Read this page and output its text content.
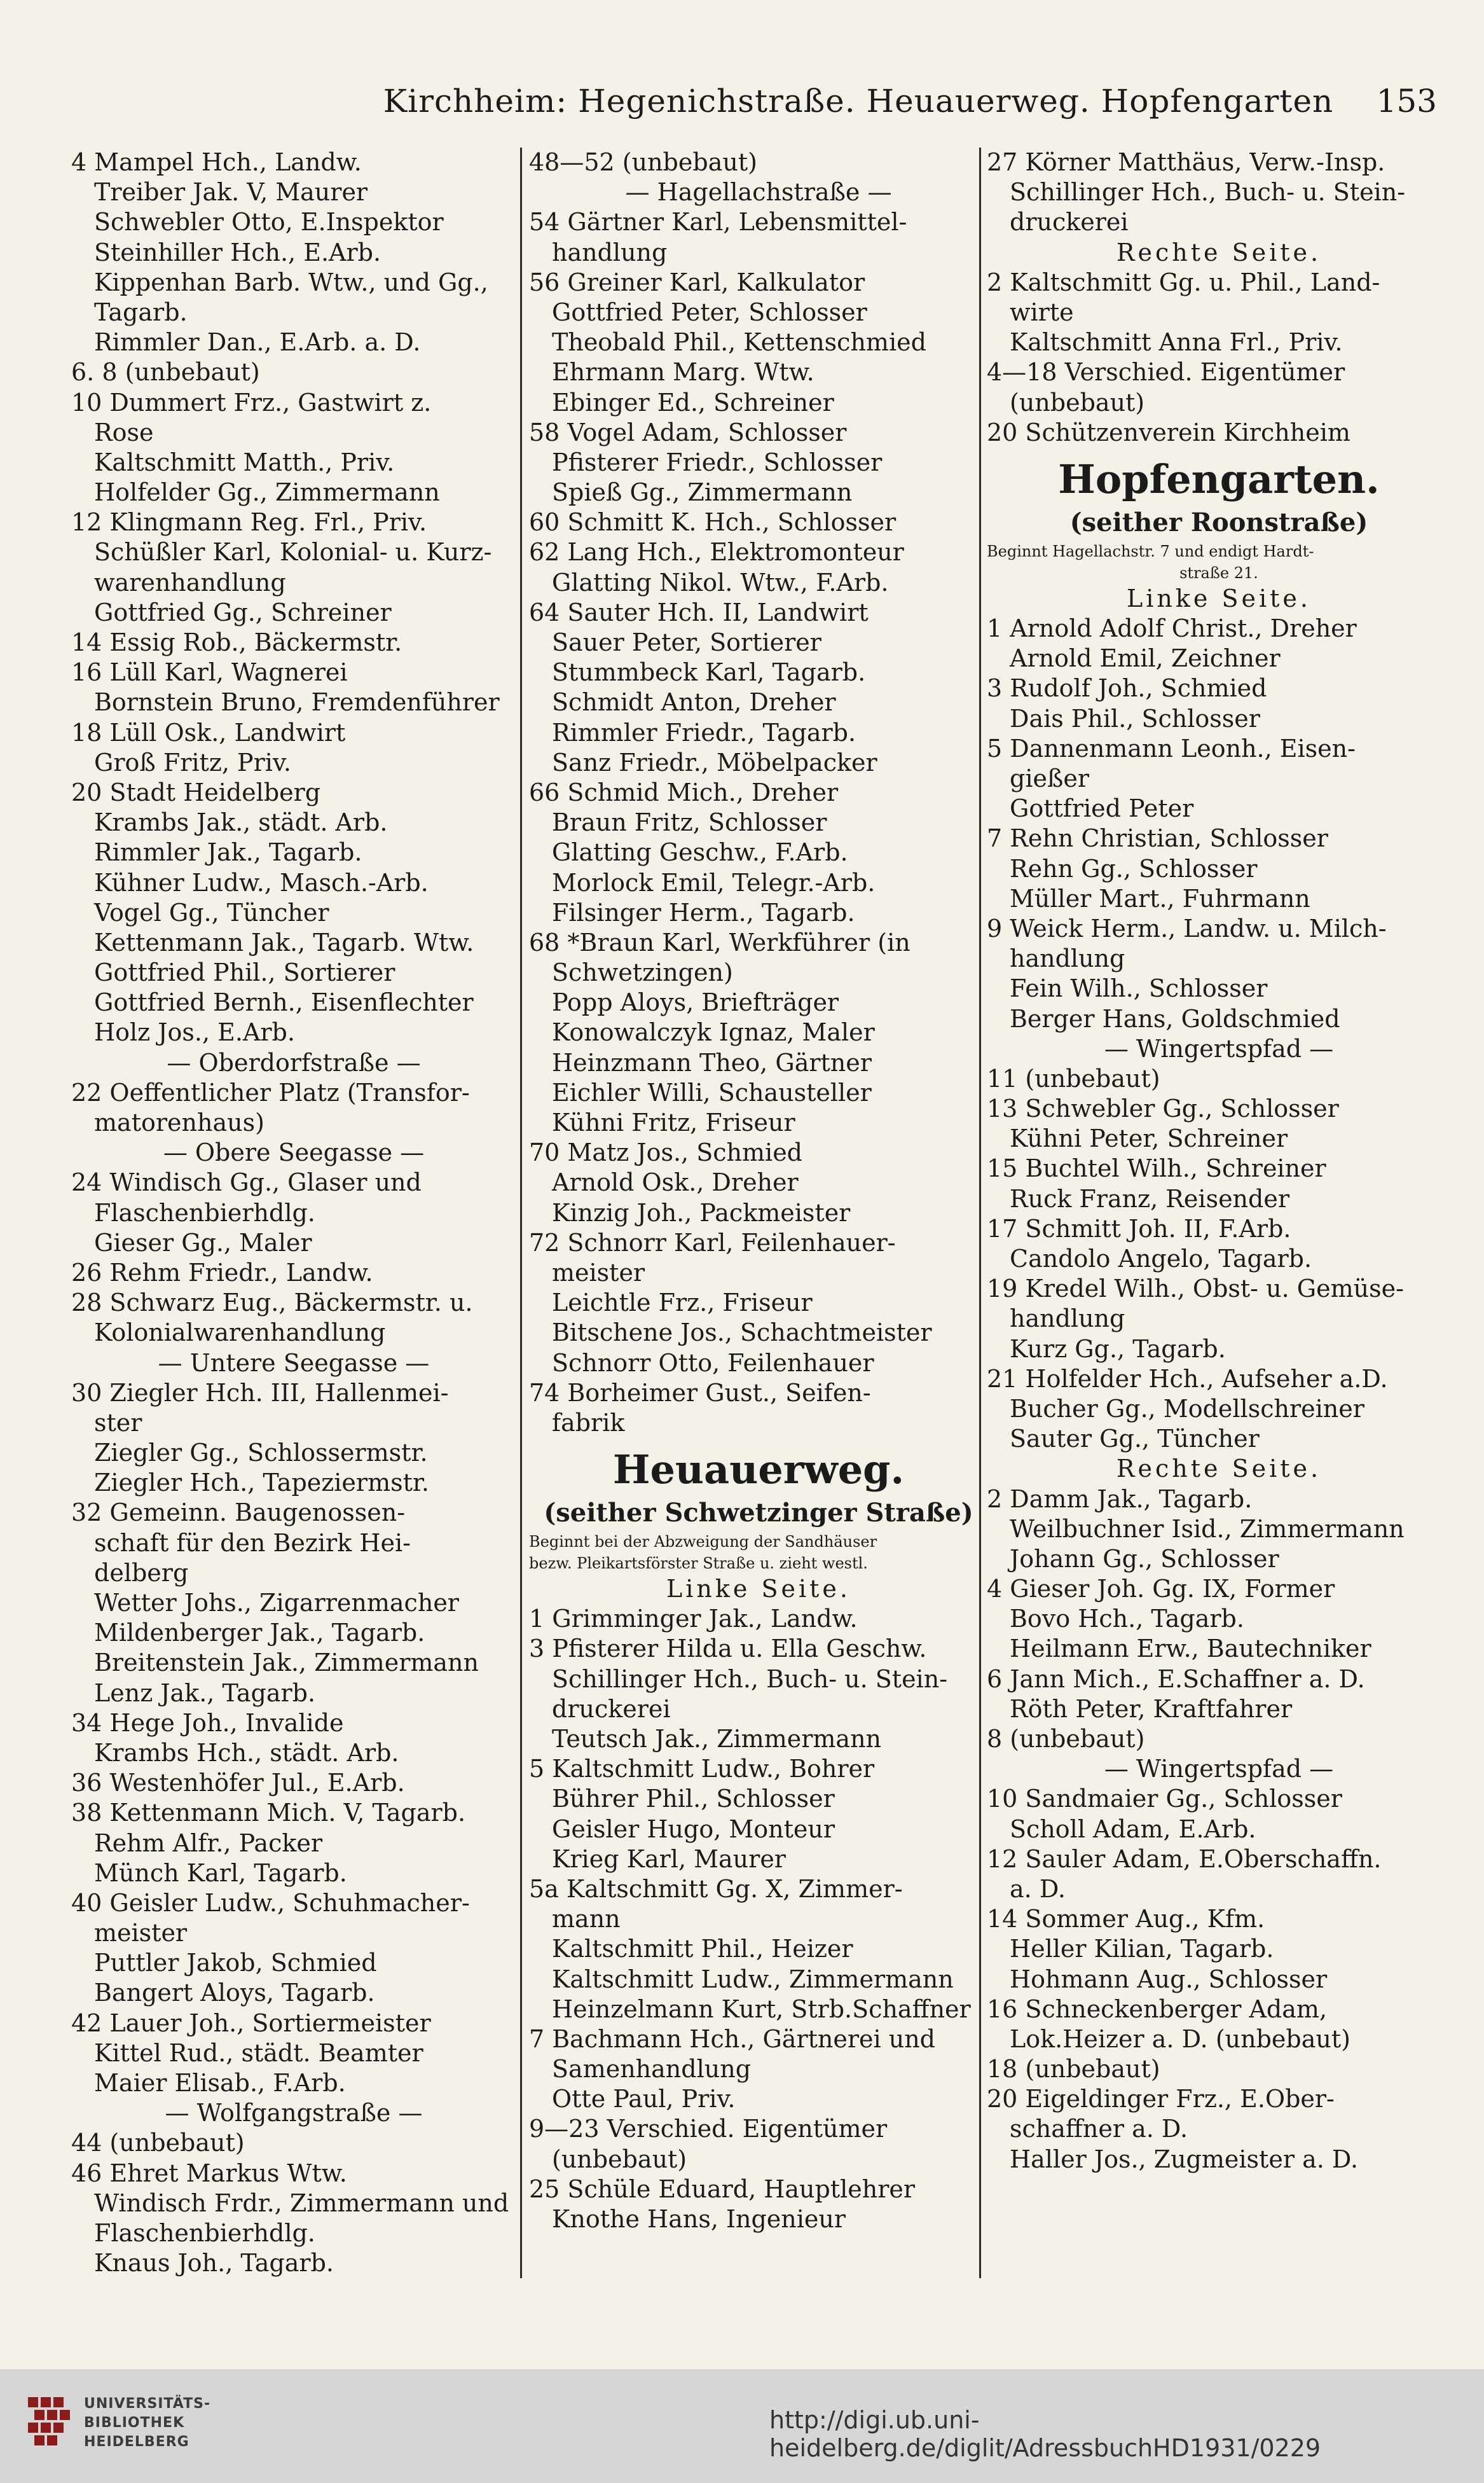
Kirchheim: Hegenichstraße. Heuauerweg. Hopfengarten 153
4 Mampel Hch., Landw.
Treiber Jak. V, Maurer
Schwebler Otto, E.Inspektor
Steinhiller Hch., E.Arb.
Kippenhan Barb. Wtw., und Gg.,
Tagarb.
Rimmler Dan., E.Arb. a. D.
6. 8 (unbebaut)
10 Dummert Frz., Gastwirt z.
Rose
Kaltschmitt Matth., Priv.
Holfelder Gg., Zimmermann
12 Klingmann Reg. Frl., Priv.
Schüßler Karl, Kolonial- u. Kurz-
warenhandlung
Gottfried Gg., Schreiner
14 Essig Rob., Bäckermstr.
16 Lüll Karl, Wagnerei
Bornstein Bruno, Fremdenführer
18 Lüll Osk., Landwirt
Groß Fritz, Priv.
20 Stadt Heidelberg
Krambs Jak., städt. Arb.
Rimmler Jak., Tagarb.
Kühner Ludw., Masch.-Arb.
Vogel Gg., Tüncher
Kettenmann Jak., Tagarb. Wtw.
Gottfried Phil., Sortierer
Gottfried Bernh., Eisenflechter
Holz Jos., E.Arb.
— Oberdorfstraße —
22 Oeffentlicher Platz (Transfor-
matorenhaus)
— Obere Seegasse —
24 Windisch Gg., Glaser und
Flaschenbierhdlg.
Gieser Gg., Maler
26 Rehm Friedr., Landw.
28 Schwarz Eug., Bäckermstr. u.
Kolonialwarenhandlung
— Untere Seegasse —
30 Ziegler Hch. III, Hallenmei-
ster
Ziegler Gg., Schlossermstr.
Ziegler Hch., Tapeziermstr.
32 Gemeinn. Baugenossen-
schaft für den Bezirk Hei-
delberg
Wetter Johs., Zigarrenmacher
Mildenberger Jak., Tagarb.
Breitenstein Jak., Zimmermann
Lenz Jak., Tagarb.
34 Hege Joh., Invalide
Krambs Hch., städt. Arb.
36 Westenhöfer Jul., E.Arb.
38 Kettenmann Mich. V, Tagarb.
Rehm Alfr., Packer
Münch Karl, Tagarb.
40 Geisler Ludw., Schuhmacher-
meister
Puttler Jakob, Schmied
Bangert Aloys, Tagarb.
42 Lauer Joh., Sortiermeister
Kittel Rud., städt. Beamter
Maier Elisab., F.Arb.
— Wolfgangstraße —
44 (unbebaut)
46 Ehret Markus Wtw.
Windisch Frdr., Zimmermann und
Flaschenbierhdlg.
Knaus Joh., Tagarb.
48—52 (unbebaut)
— Hagellachstraße —
54 Gärtner Karl, Lebensmittel-
handlung
56 Greiner Karl, Kalkulator
Gottfried Peter, Schlosser
Theobald Phil., Kettenschmied
Ehrmann Marg. Wtw.
Ebinger Ed., Schreiner
58 Vogel Adam, Schlosser
Pfisterer Friedr., Schlosser
Spieß Gg., Zimmermann
60 Schmitt K. Hch., Schlosser
62 Lang Hch., Elektromonteur
Glatting Nikol. Wtw., F.Arb.
64 Sauter Hch. II, Landwirt
Sauer Peter, Sortierer
Stummbeck Karl, Tagarb.
Schmidt Anton, Dreher
Rimmler Friedr., Tagarb.
Sanz Friedr., Möbelpacker
66 Schmid Mich., Dreher
Braun Fritz, Schlosser
Glatting Geschw., F.Arb.
Morlock Emil, Telegr.-Arb.
Filsinger Herm., Tagarb.
68 *Braun Karl, Werkführer (in
Schwetzingen)
Popp Aloys, Briefträger
Konowalczyk Ignaz, Maler
Heinzmann Theo, Gärtner
Eichler Willi, Schausteller
Kühni Fritz, Friseur
70 Matz Jos., Schmied
Arnold Osk., Dreher
Kinzig Joh., Packmeister
72 Schnorr Karl, Feilenhauer-
meister
Leichtle Frz., Friseur
Bitschene Jos., Schachtmeister
Schnorr Otto, Feilenhauer
74 Borheimer Gust., Seifen-
fabrik
Heuauerweg.
(seither Schwetzinger Straße)
Beginnt bei der Abzweigung der Sandhäuser
bezw. Pleikartsförster Straße u. zieht westl.
Linke Seite.
1 Grimminger Jak., Landw.
3 Pfisterer Hilda u. Ella Geschw.
Schillinger Hch., Buch- u. Stein-
druckerei
Teutsch Jak., Zimmermann
5 Kaltschmitt Ludw., Bohrer
Bührer Phil., Schlosser
Geisler Hugo, Monteur
Krieg Karl, Maurer
5a Kaltschmitt Gg. X, Zimmer-
mann
Kaltschmitt Phil., Heizer
Kaltschmitt Ludw., Zimmermann
Heinzelmann Kurt, Strb.Schaffner
7 Bachmann Hch., Gärtnerei und
Samenhandlung
Otte Paul, Priv.
9—23 Verschied. Eigentümer
(unbebaut)
25 Schüle Eduard, Hauptlehrer
Knothe Hans, Ingenieur
27 Körner Matthäus, Verw.-Insp.
Schillinger Hch., Buch- u. Stein-
druckerei
Rechte Seite.
2 Kaltschmitt Gg. u. Phil., Land-
wirte
Kaltschmitt Anna Frl., Priv.
4—18 Verschied. Eigentümer
(unbebaut)
20 Schützenverein Kirchheim
Hopfengarten.
(seither Roonstraße)
Beginnt Hagellachstr. 7 und endigt Hardt-
straße 21.
Linke Seite.
1 Arnold Adolf Christ., Dreher
Arnold Emil, Zeichner
3 Rudolf Joh., Schmied
Dais Phil., Schlosser
5 Dannenmann Leonh., Eisen-
gießer
Gottfried Peter
7 Rehn Christian, Schlosser
Rehn Gg., Schlosser
Müller Mart., Fuhrmann
9 Weick Herm., Landw. u. Milch-
handlung
Fein Wilh., Schlosser
Berger Hans, Goldschmied
— Wingertspfad —
11 (unbebaut)
13 Schwebler Gg., Schlosser
Kühni Peter, Schreiner
15 Buchtel Wilh., Schreiner
Ruck Franz, Reisender
17 Schmitt Joh. II, F.Arb.
Candolo Angelo, Tagarb.
19 Kredel Wilh., Obst- u. Gemüse-
handlung
Kurz Gg., Tagarb.
21 Holfelder Hch., Aufseher a.D.
Bucher Gg., Modellschreiner
Sauter Gg., Tüncher
Rechte Seite.
2 Damm Jak., Tagarb.
Weilbuchner Isid., Zimmermann
Johann Gg., Schlosser
4 Gieser Joh. Gg. IX, Former
Bovo Hch., Tagarb.
Heilmann Erw., Bautechniker
6 Jann Mich., E.Schaffner a. D.
Röth Peter, Kraftfahrer
8 (unbebaut)
— Wingertspfad —
10 Sandmaier Gg., Schlosser
Scholl Adam, E.Arb.
12 Sauler Adam, E.Oberschaffn.
a. D.
14 Sommer Aug., Kfm.
Heller Kilian, Tagarb.
Hohmann Aug., Schlosser
16 Schneckenberger Adam,
Lok.Heizer a. D. (unbebaut)
18 (unbebaut)
20 Eigeldinger Frz., E.Ober-
schaffner a. D.
Haller Jos., Zugmeister a. D.
UNIVERSITÄTS-
BIBLIOTHEK
HEIDELBERG
http://digi.ub.uni-heidelberg.de/diglit/AdressbuchHD1931/0229
